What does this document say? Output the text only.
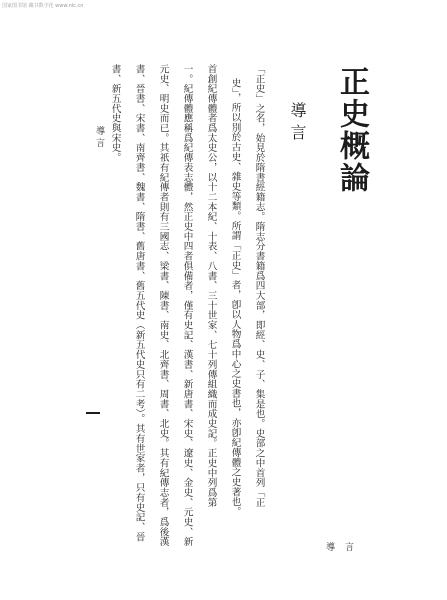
国家图书馆 藏书数字化 www.nlc.cn
正史概論
導言
「正史」之名，始見於隋書經籍志。隋志分書籍爲四大部，即經、史、子、集是也。史部之中首列「正
史」，所以別於古史、雜史等類。所謂「正史」者，卽以人物爲中心之史書也，亦卽紀傳體之史著也。
首創紀傳體者爲太史公，以十二本紀、十表、八書、三十世家、七十列傳組織而成史記。正史中列爲第
一。紀傳體應稱爲紀傳表志體，然正史中四者俱備者，僅有史記、漢書、新唐書、宋史、遼史、金史、元史、新
元史、明史而已。其祇有紀傳者則有三國志、梁書、陳書、南史、北齊書、周書、北史。其有紀傳志者，爲後漢
書、晉書、宋書、南齊書、魏書、隋書、舊唐書、舊五代史（新五代史只有二考）。其有世家者，只有史記、晉
書、新五代史與宋史。
導言
導言
